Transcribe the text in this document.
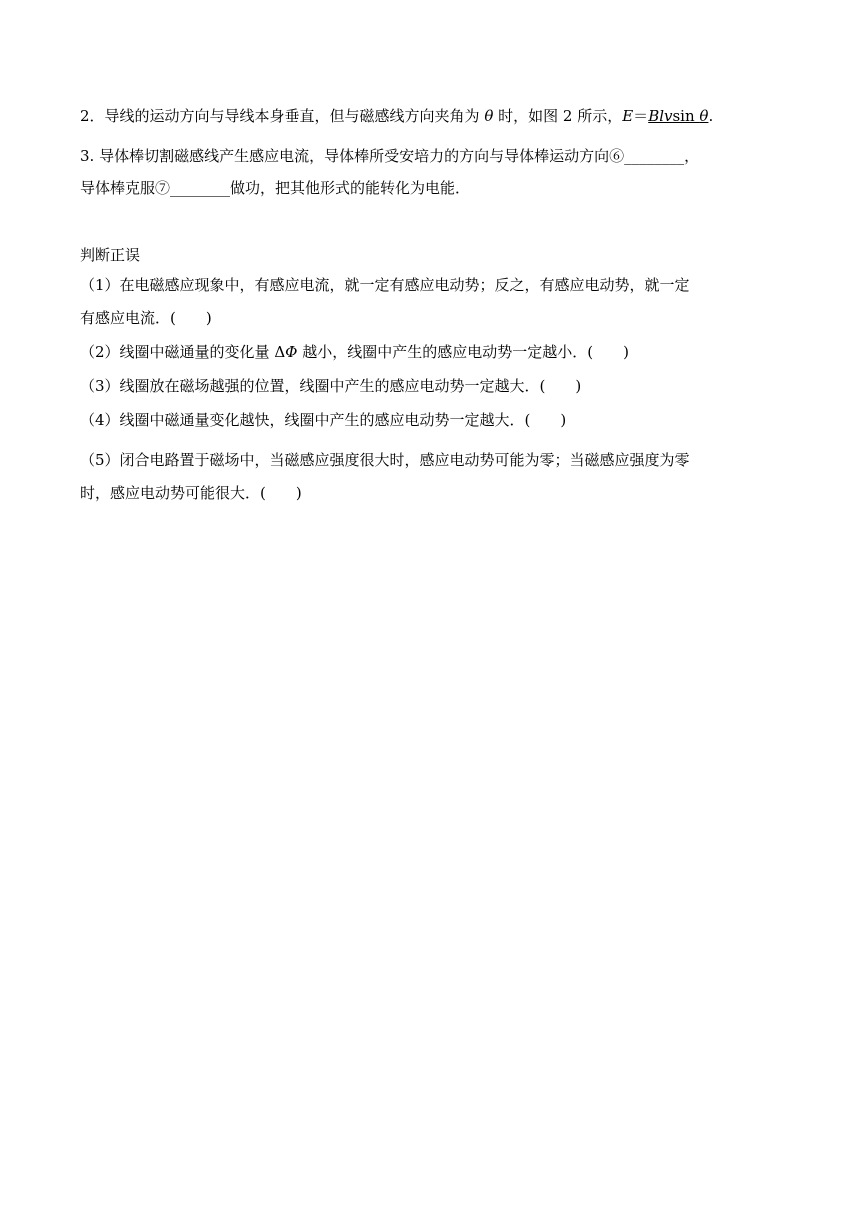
2．导线的运动方向与导线本身垂直，但与磁感线方向夹角为 θ 时，如图 2 所示，E＝Blvsin θ.
3. 导体棒切割磁感线产生感应电流，导体棒所受安培力的方向与导体棒运动方向⑥________，
导体棒克服⑦________做功，把其他形式的能转化为电能．
判断正误
（1）在电磁感应现象中，有感应电流，就一定有感应电动势；反之，有感应电动势，就一定
有感应电流．(　　)
（2）线圈中磁通量的变化量 ΔΦ 越小，线圈中产生的感应电动势一定越小．(　　)
（3）线圈放在磁场越强的位置，线圈中产生的感应电动势一定越大．(　　)
（4）线圈中磁通量变化越快，线圈中产生的感应电动势一定越大．(　　)
（5）闭合电路置于磁场中，当磁感应强度很大时，感应电动势可能为零；当磁感应强度为零
时，感应电动势可能很大．(　　)
